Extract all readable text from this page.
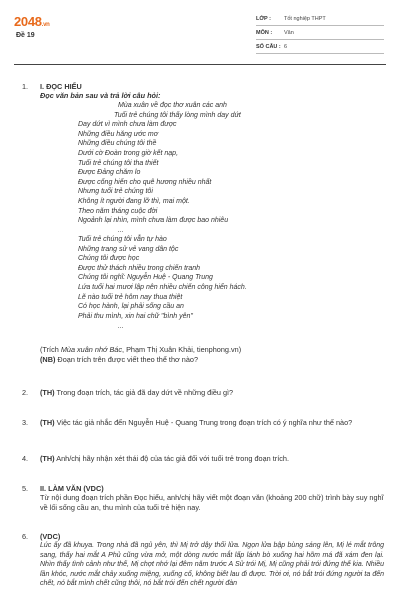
2048.vn
Đề 19
LỚP : Tốt nghiệp THPT
MÔN : Văn
SỐ CÂU : 6
1. I. ĐỌC HIỂU
Đọc văn bản sau và trả lời câu hỏi:
Mùa xuân về đọc thơ xuân các anh
Tuổi trẻ chúng tôi thấy lòng mình day dứt
Day dứt vì mình chưa làm được
Những điều hăng ước mơ
Những điều chúng tôi thề
Dưới cờ Đoàn trong giờ kết nạp,
Tuổi trẻ chúng tôi tha thiết
Được Đảng chăm lo
Được cống hiến cho quê hương nhiều nhất
Nhưng tuổi trẻ chúng tôi
Không ít người đang lỡ thì, mai một.
Theo năm tháng cuộc đời
Ngoảnh lại nhìn, mình chưa làm được bao nhiêu
...
Tuổi trẻ chúng tôi vẫn tự hào
Những trang sử vẻ vang dân tộc
Chúng tôi được học
Được thử thách nhiều trong chiến tranh
Chúng tôi nghĩ: Nguyễn Huệ - Quang Trung
Lứa tuổi hai mươi lập nên nhiều chiến công hiển hách.
Lẽ nào tuổi trẻ hôm nay thua thiệt
Có học hành, lại phải sống cầu an
Phải thu mình, xin hai chữ "bình yên"
...
(Trích Mùa xuân nhớ Bác, Phạm Thị Xuân Khải, tienphong.vn)
(NB) Đoạn trích trên được viết theo thể thơ nào?
2. (TH) Trong đoạn trích, tác giả đã day dứt về những điều gì?
3. (TH) Việc tác giả nhắc đến Nguyễn Huệ - Quang Trung trong đoạn trích có ý nghĩa như thế nào?
4. (TH) Anh/chị hãy nhận xét thái độ của tác giả đối với tuổi trẻ trong đoạn trích.
5. II. LÀM VĂN (VDC)
Từ nội dung đoạn trích phần Đọc hiểu, anh/chị hãy viết một đoạn văn (khoảng 200 chữ) trình bày suy nghĩ về lối sống cầu an, thu mình của tuổi trẻ hiện nay.
6. (VDC)
Lúc ấy đã khuya. Trong nhà đã ngủ yên, thì Mị trở dậy thổi lửa. Ngọn lửa bập bùng sáng lên, Mị lé mắt trông sang, thấy hai mắt A Phủ cũng vừa mở, một dòng nước mắt lấp lánh bò xuống hai hõm má đã xám đen lại. Nhìn thấy tình cảnh như thế, Mị chợt nhớ lại đêm năm trước A Sử trói Mị, Mị cũng phải trói đứng thế kia. Nhiều lần khóc, nước mắt chảy xuống miệng, xuống cổ, không biết lau đi được. Trời ơi, nó bắt trói đứng người ta đến chết, nó bắt mình chết cũng thôi, nó bắt trói đến chết người đàn
